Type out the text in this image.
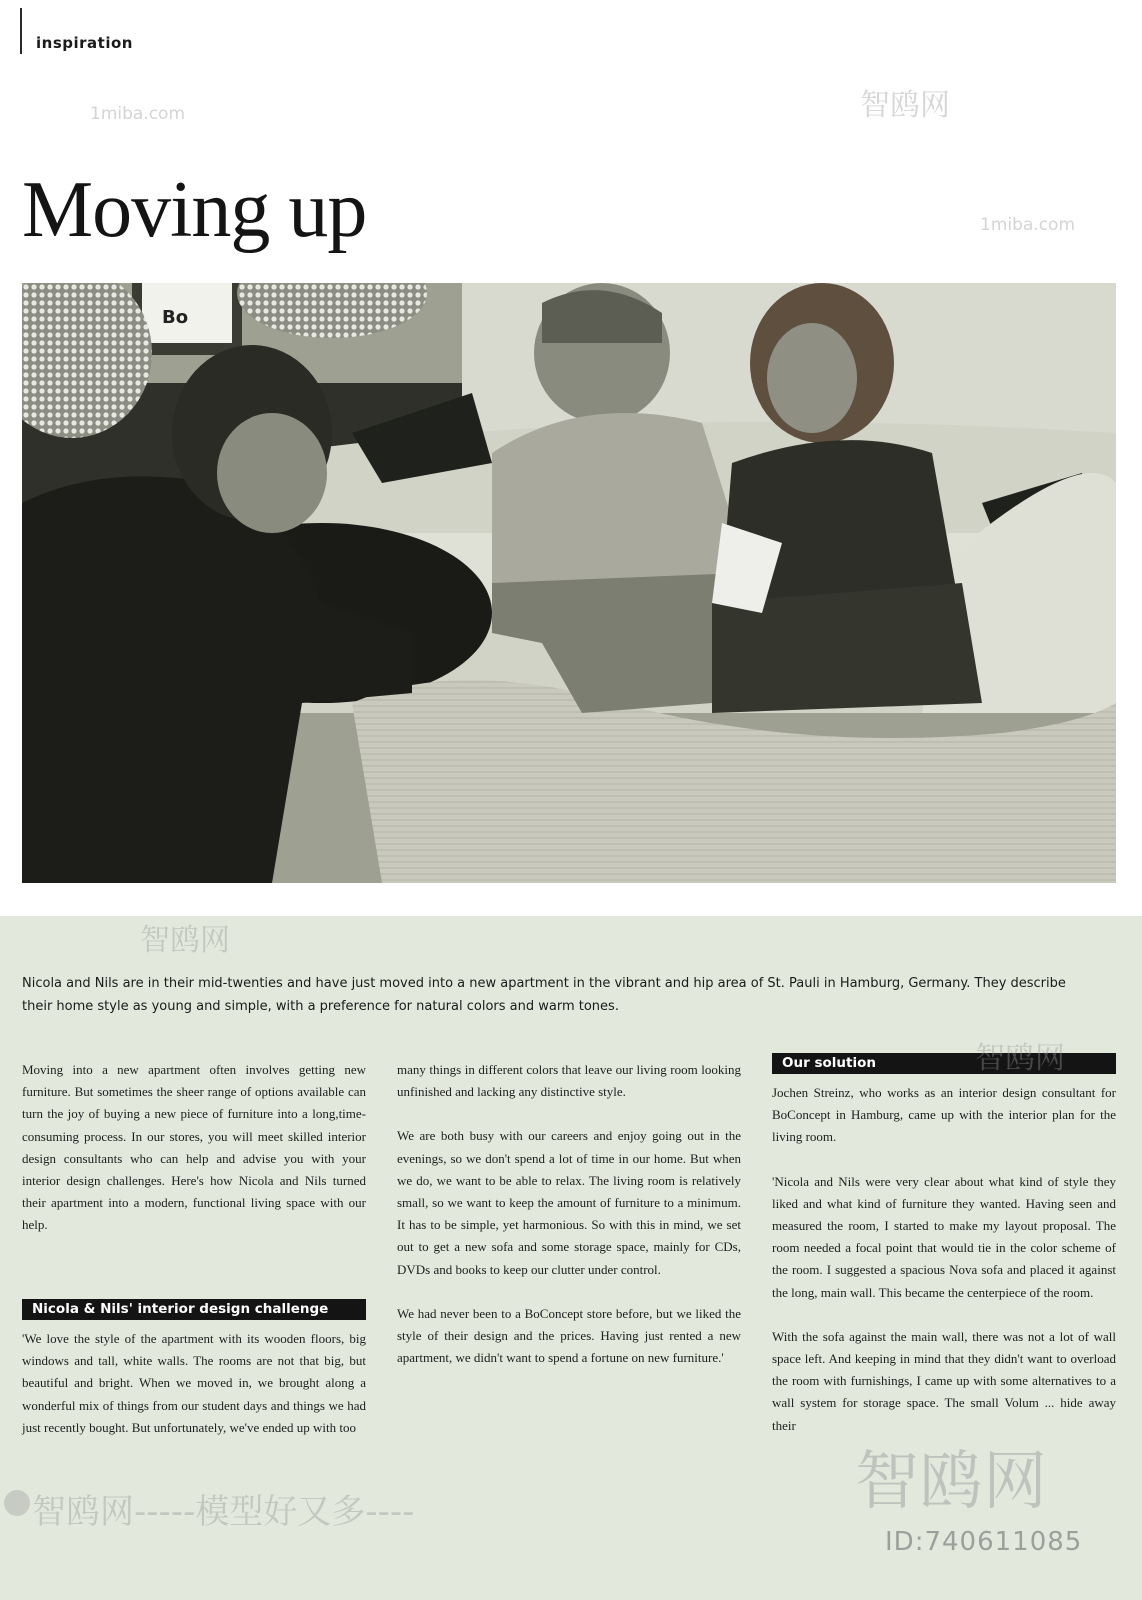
inspiration
Moving up
Bo
Nicola and Nils are in their mid-twenties and have just moved into a new apartment in the vibrant and hip area of St. Pauli in Hamburg, Germany. They describe their home style as young and simple, with a preference for natural colors and warm tones.

Moving into a new apartment often involves getting new furniture. But sometimes the sheer range of options available can turn the joy of buying a new piece of furniture into a long,time-consuming process. In our stores, you will meet skilled interior design consultants who can help and advise you with your interior design challenges. Here's how Nicola and Nils turned their apartment into a modern, functional living space with our help.

Nicola & Nils' interior design challenge
'We love the style of the apartment with its wooden floors, big windows and tall, white walls. The rooms are not that big, but beautiful and bright. When we moved in, we brought along a wonderful mix of things from our student days and things we had just recently bought. But unfortunately, we've ended up with too

many things in different colors that leave our living room looking unfinished and lacking any distinctive style.

We are both busy with our careers and enjoy going out in the evenings, so we don't spend a lot of time in our home. But when we do, we want to be able to relax. The living room is relatively small, so we want to keep the amount of furniture to a minimum. It has to be simple, yet harmonious. So with this in mind, we set out to get a new sofa and some storage space, mainly for CDs, DVDs and books to keep our clutter under control.

We had never been to a BoConcept store before, but we liked the style of their design and the prices. Having just rented a new apartment, we didn't want to spend a fortune on new furniture.'

Our solution

Jochen Streinz, who works as an interior design consultant for BoConcept in Hamburg, came up with the interior plan for the living room.

'Nicola and Nils were very clear about what kind of style they liked and what kind of furniture they wanted. Having seen and measured the room, I started to make my layout proposal. The room needed a focal point that would tie in the color scheme of the room. I suggested a spacious Nova sofa and placed it against the long, main wall. This became the centerpiece of the room.

With the sofa against the main wall, there was not a lot of wall space left. And keeping in mind that they didn't want to overload the room with furnishings, I came up with some alternatives to a wall system for storage space. The small Volum ... hide away their

1miba.com
1miba.com
智鸥网
智鸥网
智鸥网
智鸥网-----模型好又多----	智鸥网
ID:740611085
